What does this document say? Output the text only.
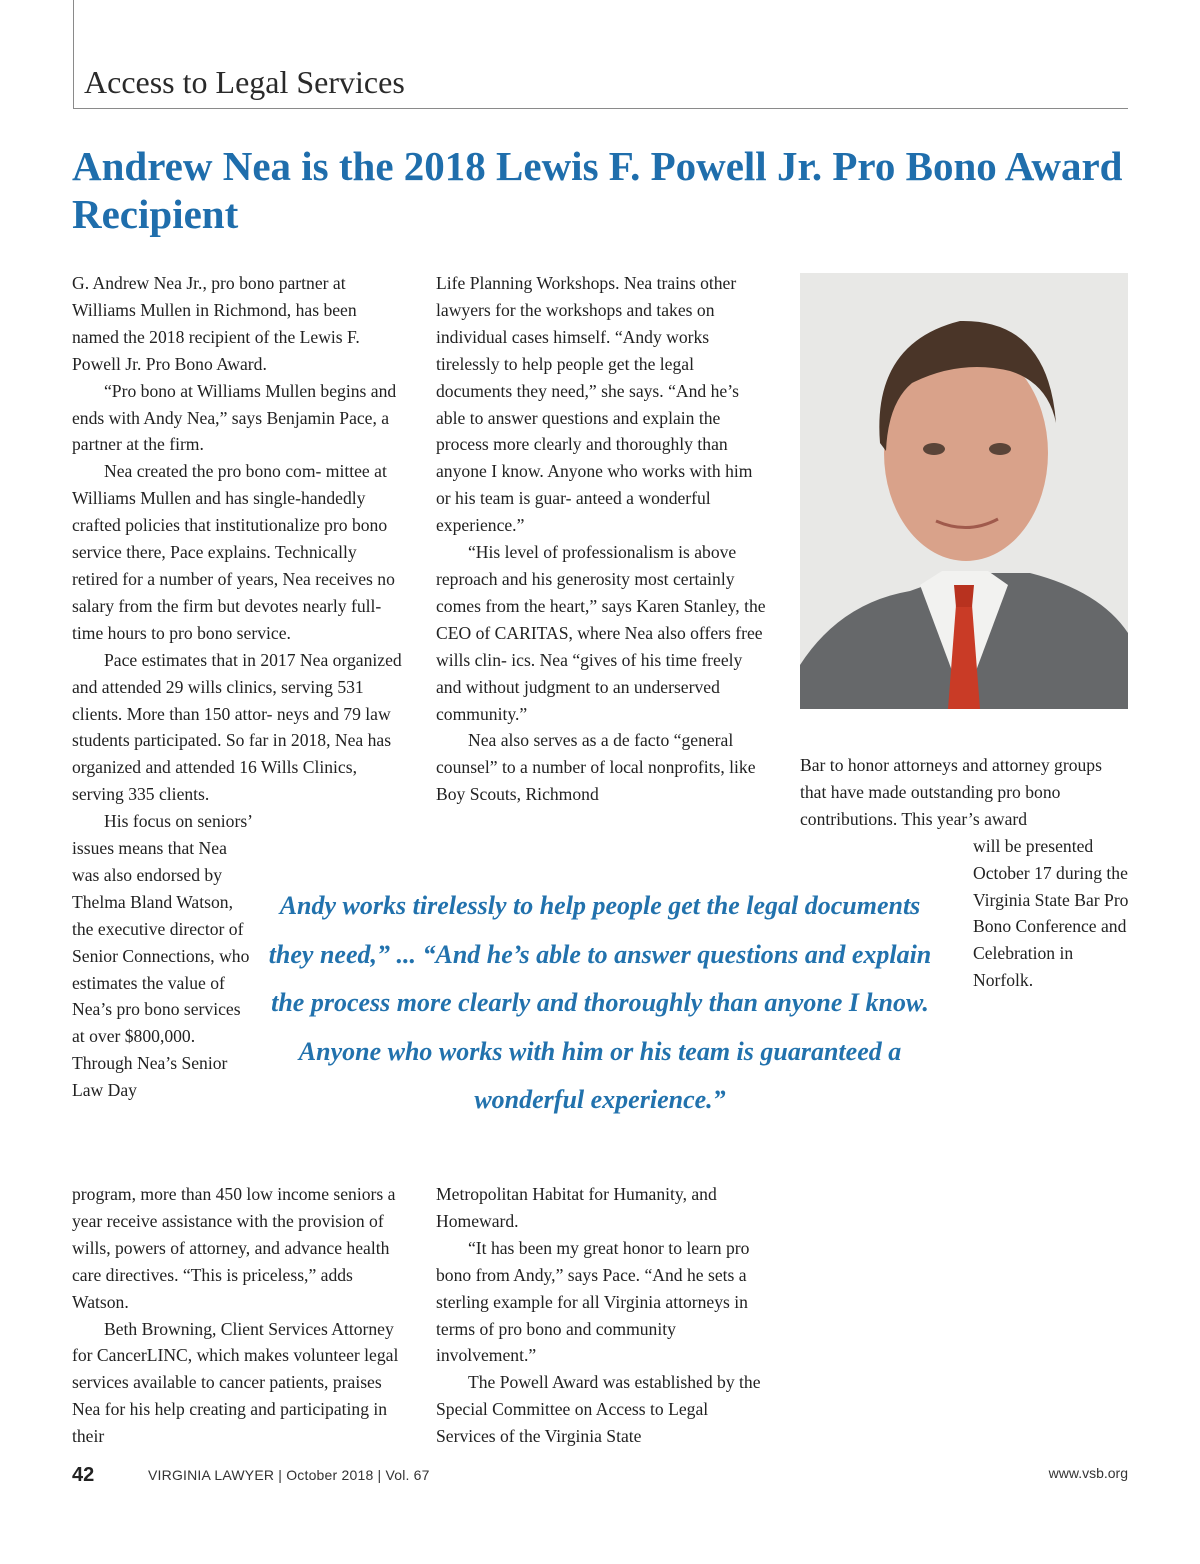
Access to Legal Services
Andrew Nea is the 2018 Lewis F. Powell Jr. Pro Bono Award Recipient

G. Andrew Nea Jr., pro bono partner at Williams Mullen in Richmond, has been named the 2018 recipient of the Lewis F. Powell Jr. Pro Bono Award.

“Pro bono at Williams Mullen begins and ends with Andy Nea,” says Benjamin Pace, a partner at the firm.

Nea created the pro bono com- mittee at Williams Mullen and has single-handedly crafted policies that institutionalize pro bono service there, Pace explains. Technically retired for a number of years, Nea receives no salary from the firm but devotes nearly full- time hours to pro bono service.

Pace estimates that in 2017 Nea organized and attended 29 wills clinics, serving 531 clients. More than 150 attor- neys and 79 law students participated. So far in 2018, Nea has organized and attended 16 Wills Clinics, serving 335 clients.

His focus on seniors’ issues means that Nea was also endorsed by Thelma Bland Watson, the executive director of Senior Connections, who estimates the value of Nea’s pro bono services at over $800,000. Through Nea’s Senior Law Day

Life Planning Workshops. Nea trains other lawyers for the workshops and takes on individual cases himself. “Andy works tirelessly to help people get the legal documents they need,” she says. “And he’s able to answer questions and explain the process more clearly and thoroughly than anyone I know. Anyone who works with him or his team is guar- anteed a wonderful experience.”

“His level of professionalism is above reproach and his generosity most certainly comes from the heart,” says Karen Stanley, the CEO of CARITAS, where Nea also offers free wills clin- ics. Nea “gives of his time freely and without judgment to an underserved community.”

Nea also serves as a de facto “general counsel” to a number of local nonprofits, like Boy Scouts, Richmond

Andy works tirelessly to help people get the legal documents they need,” ... “And he’s able to answer questions and explain the process more clearly and thoroughly than anyone I know. Anyone who works with him or his team is guaranteed a wonderful experience.”

Bar to honor attorneys and attorney groups that have made outstanding pro bono contributions. This year’s award

will be presented October 17 during the Virginia State Bar Pro Bono Conference and Celebration in Norfolk.

program, more than 450 low income seniors a year receive assistance with the provision of wills, powers of attorney, and advance health care directives. “This is priceless,” adds Watson.

Beth Browning, Client Services Attorney for CancerLINC, which makes volunteer legal services available to cancer patients, praises Nea for his help creating and participating in their

Metropolitan Habitat for Humanity, and Homeward.

“It has been my great honor to learn pro bono from Andy,” says Pace. “And he sets a sterling example for all Virginia attorneys in terms of pro bono and community involvement.”

The Powell Award was established by the Special Committee on Access to Legal Services of the Virginia State

42	VIRGINIA LAWYER | October 2018 | Vol. 67	www.vsb.org
